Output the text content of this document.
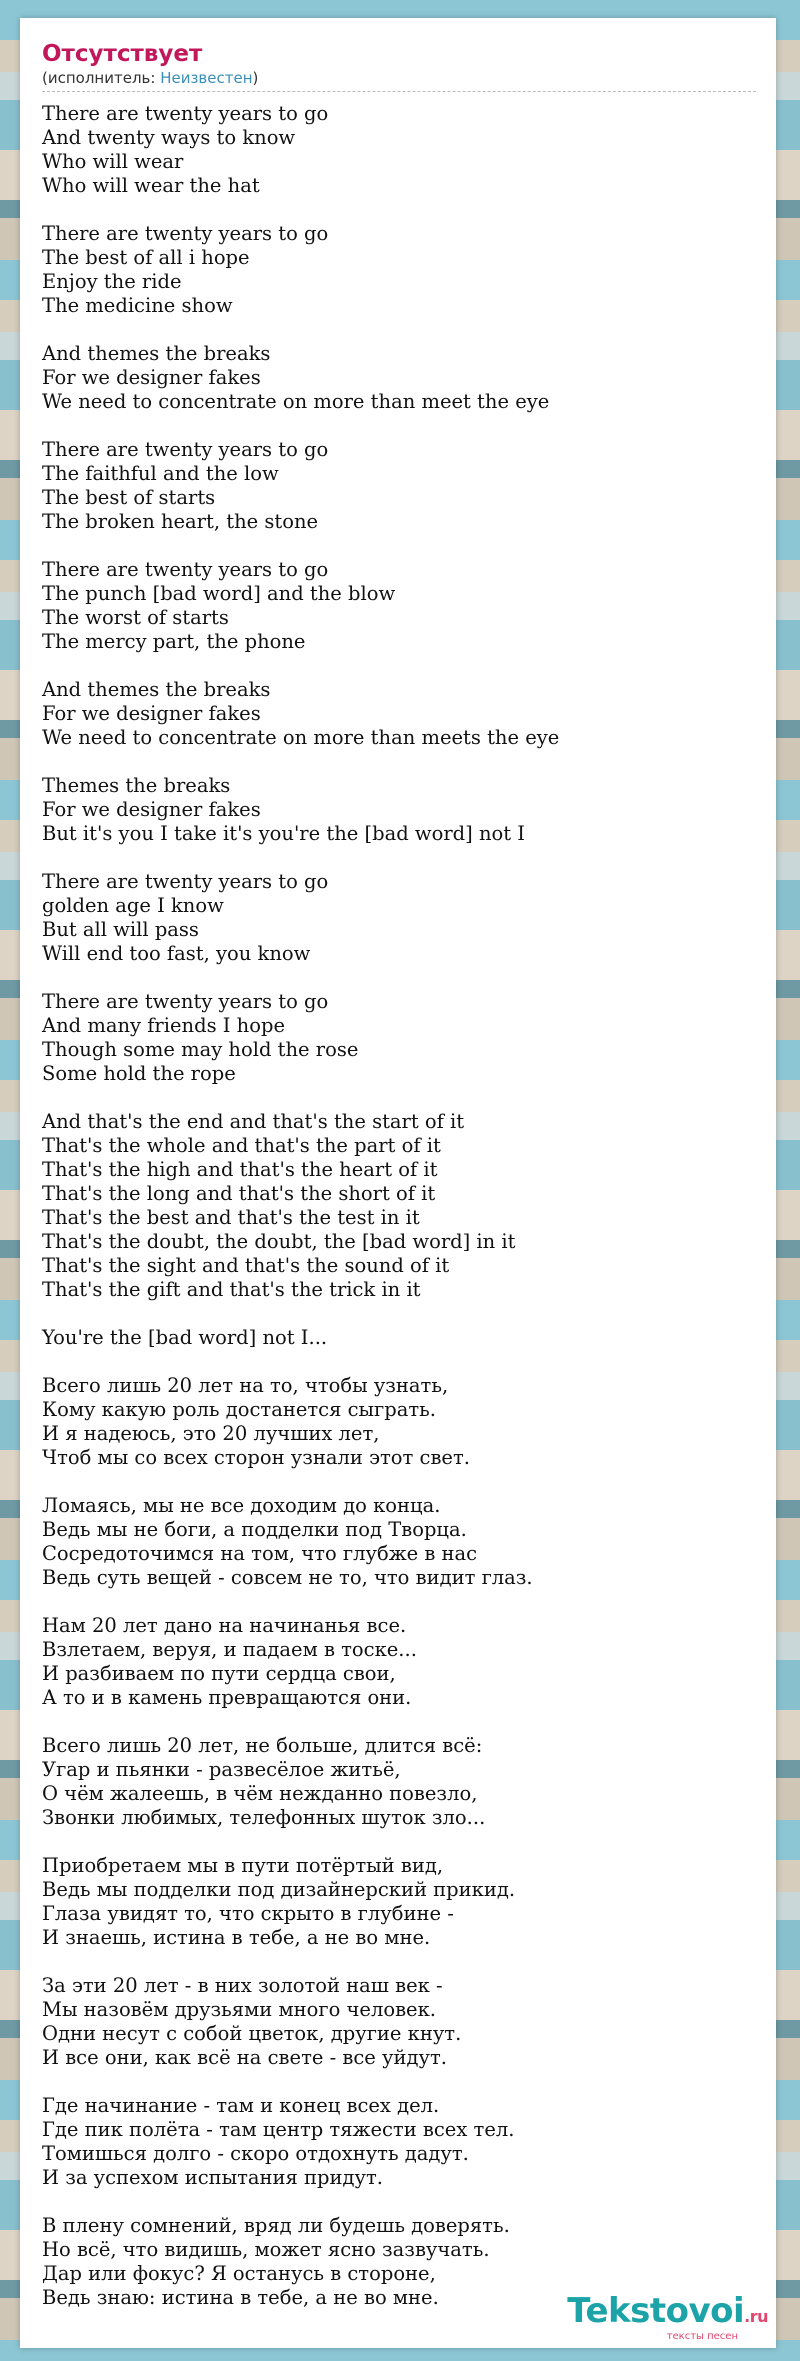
Отсутствует
(исполнитель: Неизвестен)
There are twenty years to go
And twenty ways to know
Who will wear
Who will wear the hat
There are twenty years to go
The best of all i hope
Enjoy the ride
The medicine show
And themes the breaks
For we designer fakes
We need to concentrate on more than meet the eye
There are twenty years to go
The faithful and the low
The best of starts
The broken heart, the stone
There are twenty years to go
The punch [bad word] and the blow
The worst of starts
The mercy part, the phone
And themes the breaks
For we designer fakes
We need to concentrate on more than meets the eye
Themes the breaks
For we designer fakes
But it's you I take it's you're the [bad word] not I
There are twenty years to go
golden age I know
But all will pass
Will end too fast, you know
There are twenty years to go
And many friends I hope
Though some may hold the rose
Some hold the rope
And that's the end and that's the start of it
That's the whole and that's the part of it
That's the high and that's the heart of it
That's the long and that's the short of it
That's the best and that's the test in it
That's the doubt, the doubt, the [bad word] in it
That's the sight and that's the sound of it
That's the gift and that's the trick in it
You're the [bad word] not I...
Всего лишь 20 лет на то, чтобы узнать,
Кому какую роль достанется сыграть.
И я надеюсь, это 20 лучших лет,
Чтоб мы со всех сторон узнали этот свет.
Ломаясь, мы не все доходим до конца.
Ведь мы не боги, а подделки под Творца.
Сосредоточимся на том, что глубже в нас
Ведь суть вещей - совсем не то, что видит глаз.
Нам 20 лет дано на начинанья все.
Взлетаем, веруя, и падаем в тоске...
И разбиваем по пути сердца свои,
А то и в камень превращаются они.
Всего лишь 20 лет, не больше, длится всё:
Угар и пьянки - развесёлое житьё,
О чём жалеешь, в чём нежданно повезло,
Звонки любимых, телефонных шуток зло...
Приобретаем мы в пути потёртый вид,
Ведь мы подделки под дизайнерский прикид.
Глаза увидят то, что скрыто в глубине -
И знаешь, истина в тебе, а не во мне.
За эти 20 лет - в них золотой наш век -
Мы назовём друзьями много человек.
Одни несут с собой цветок, другие кнут.
И все они, как всё на свете - все уйдут.
Где начинание - там и конец всех дел.
Где пик полёта - там центр тяжести всех тел.
Томишься долго - скоро отдохнуть дадут.
И за успехом испытания придут.
В плену сомнений, вряд ли будешь доверять.
Но всё, что видишь, может ясно зазвучать.
Дар или фокус? Я останусь в стороне,
Ведь знаю: истина в тебе, а не во мне.	Tekstovoi.ru
тексты песен
